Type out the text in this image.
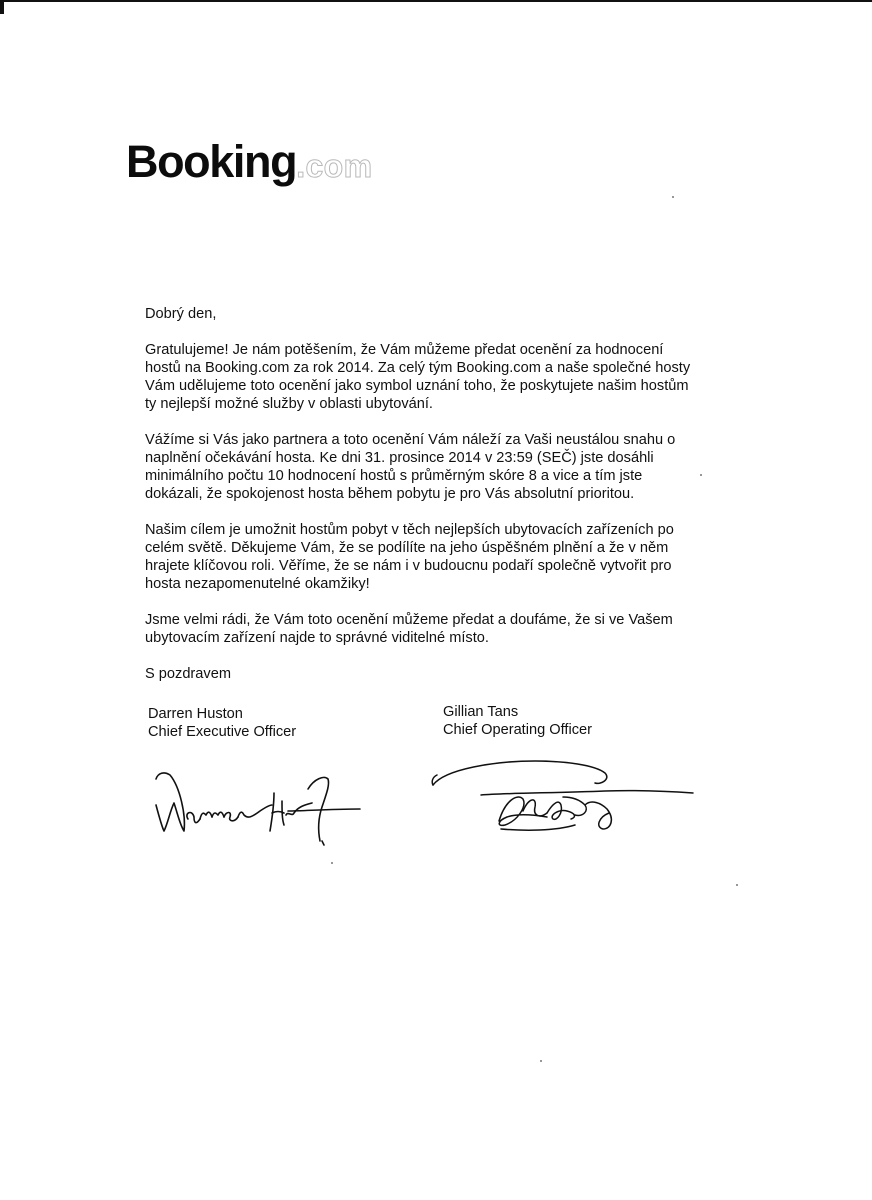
Booking.com

Dobrý den,

Gratulujeme! Je nám potěšením, že Vám můžeme předat ocenění za hodnocení
hostů na Booking.com za rok 2014. Za celý tým Booking.com a naše společné hosty
Vám udělujeme toto ocenění jako symbol uznání toho, že poskytujete našim hostům
ty nejlepší možné služby v oblasti ubytování.

Vážíme si Vás jako partnera a toto ocenění Vám náleží za Vaši neustálou snahu o
naplnění očekávání hosta. Ke dni 31. prosince 2014 v 23:59 (SEČ) jste dosáhli
minimálního počtu 10 hodnocení hostů s průměrným skóre 8 a vice a tím jste
dokázali, že spokojenost hosta během pobytu je pro Vás absolutní prioritou.

Našim cílem je umožnit hostům pobyt v těch nejlepších ubytovacích zařízeních po
celém světě. Děkujeme Vám, že se podílíte na jeho úspěšném plnění a že v něm
hrajete klíčovou roli. Věříme, že se nám i v budoucnu podaří společně vytvořit pro
hosta nezapomenutelné okamžiky!

Jsme velmi rádi, že Vám toto ocenění můžeme předat a doufáme, že si ve Vašem
ubytovacím zařízení najde to správné viditelné místo.

S pozdravem

Darren Huston
Chief Executive Officer
Gillian Tans
Chief Operating Officer
